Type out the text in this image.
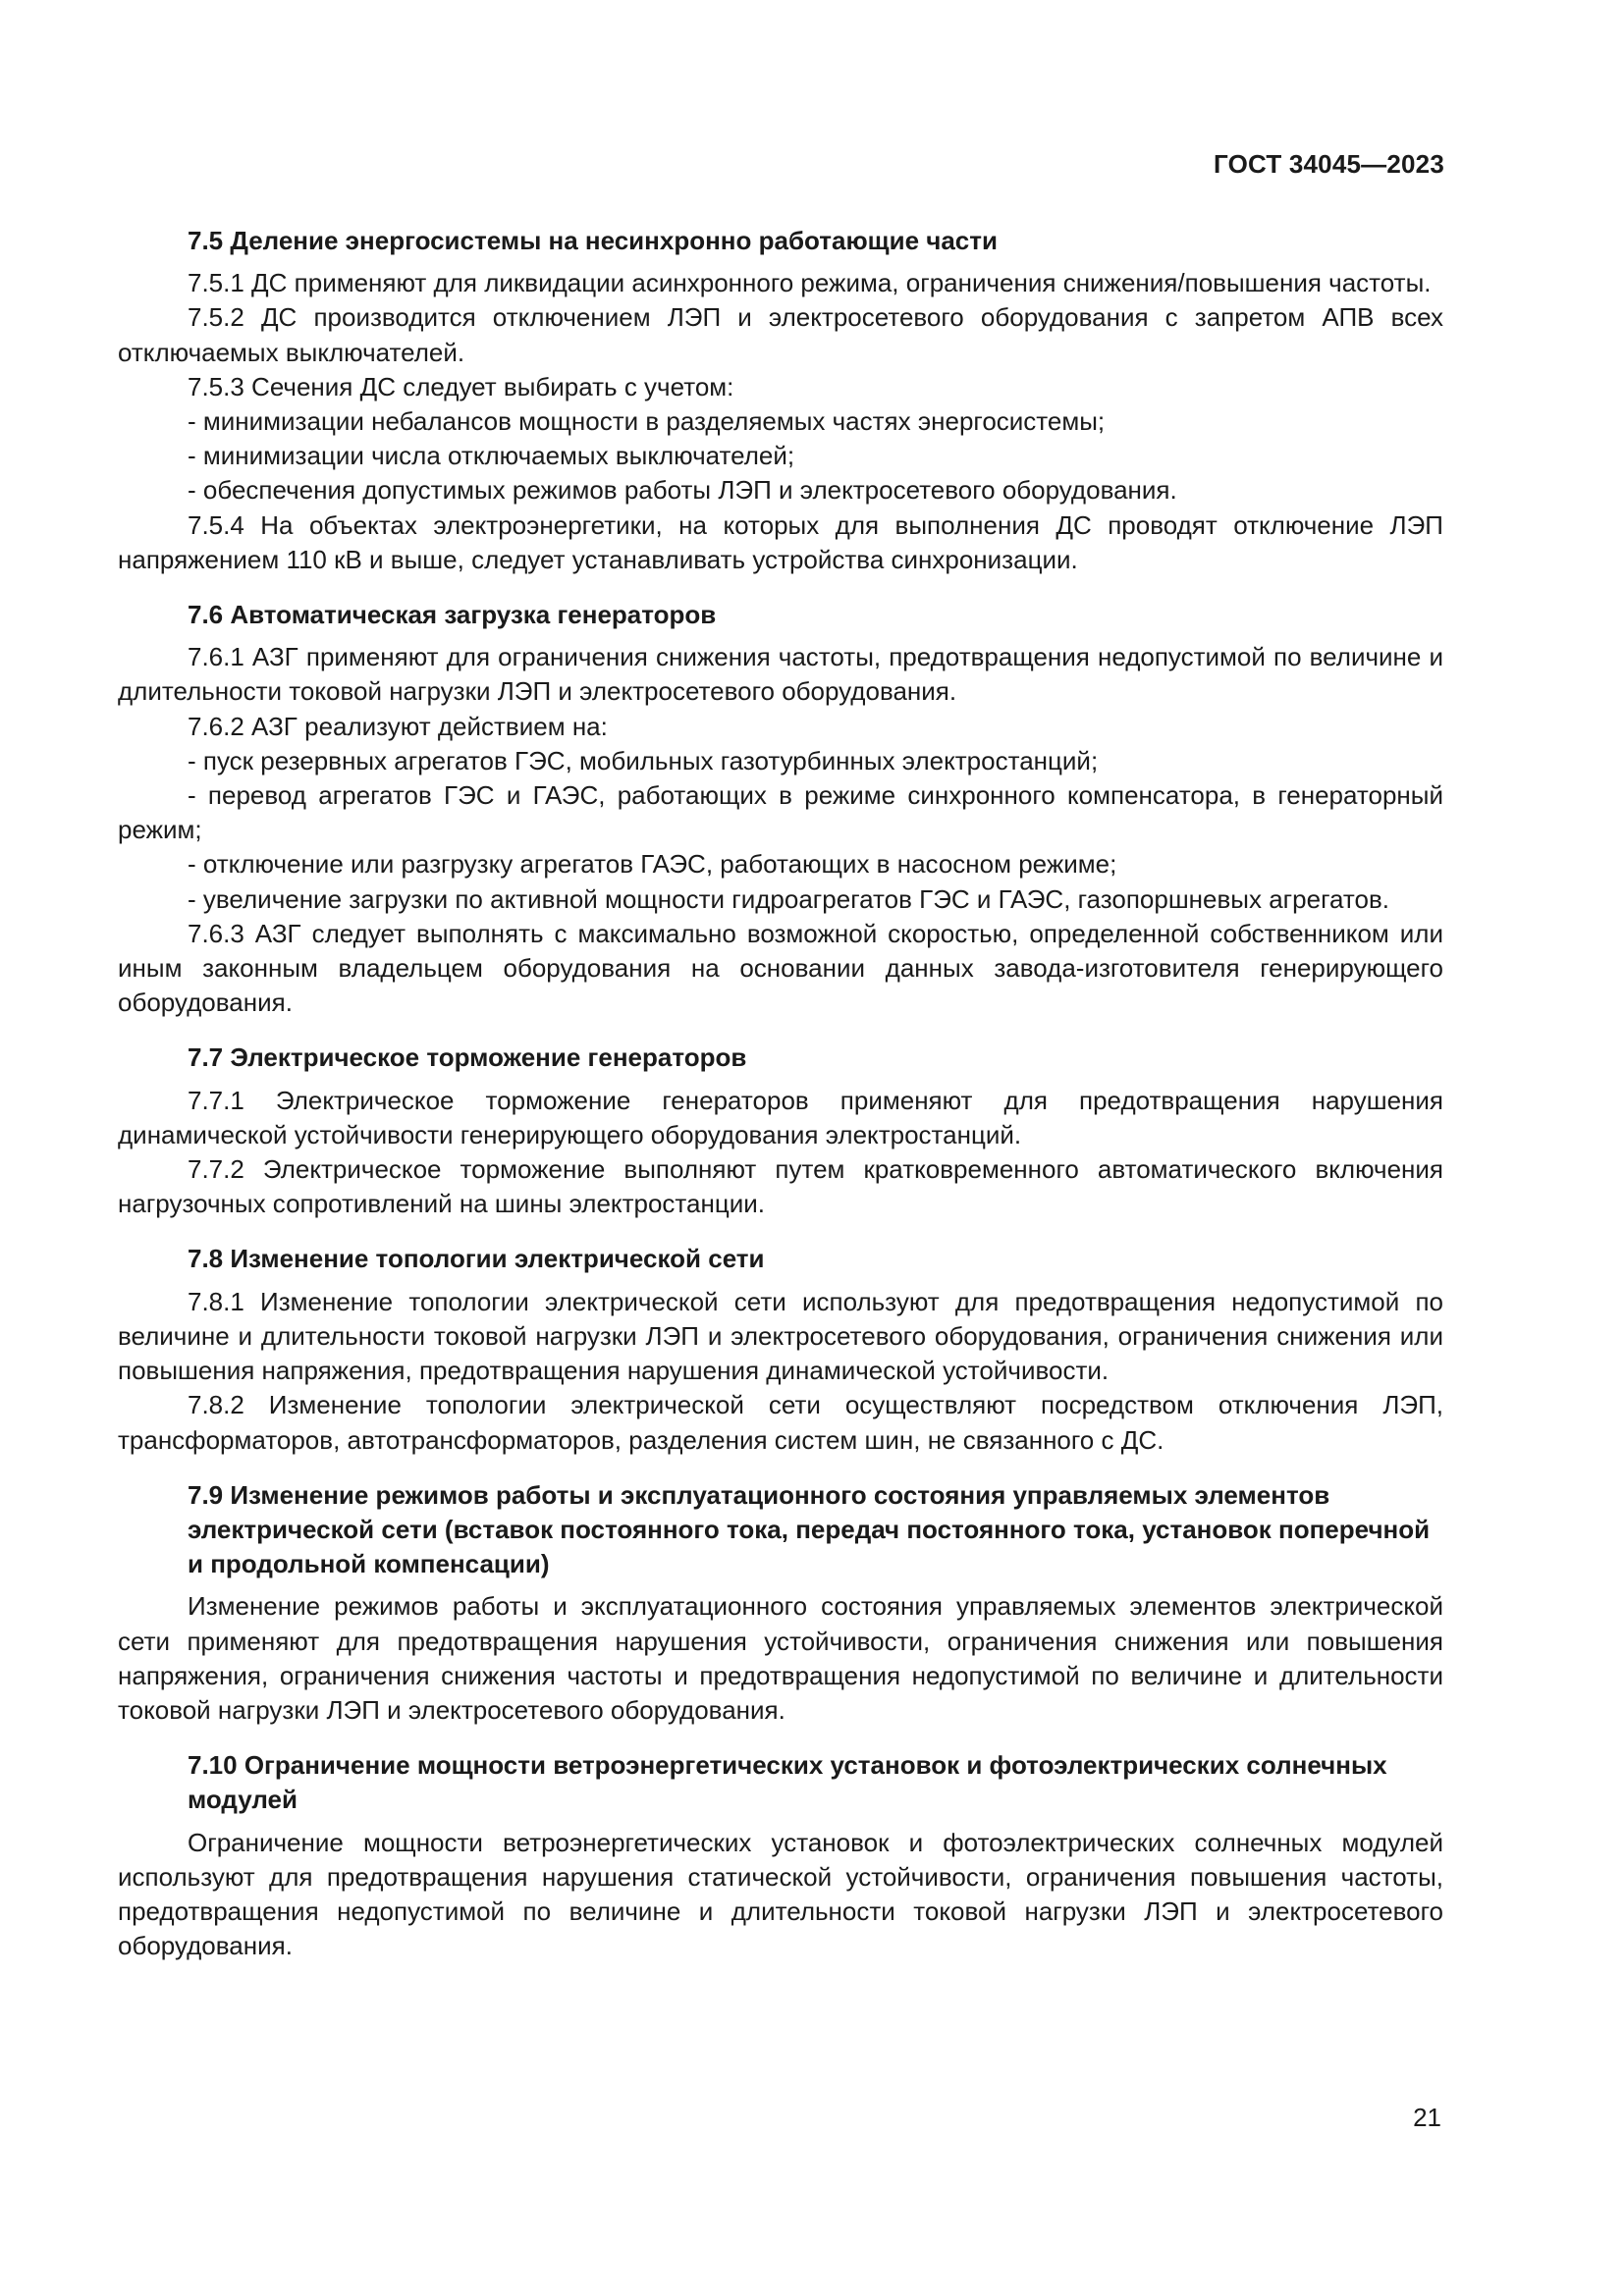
ГОСТ 34045—2023

7.5 Деление энергосистемы на несинхронно работающие части

7.5.1 ДС применяют для ликвидации асинхронного режима, ограничения снижения/повышения частоты.

7.5.2 ДС производится отключением ЛЭП и электросетевого оборудования с запретом АПВ всех отключаемых выключателей.

7.5.3 Сечения ДС следует выбирать с учетом:

- минимизации небалансов мощности в разделяемых частях энергосистемы;

- минимизации числа отключаемых выключателей;

- обеспечения допустимых режимов работы ЛЭП и электросетевого оборудования.

7.5.4 На объектах электроэнергетики, на которых для выполнения ДС проводят отключение ЛЭП напряжением 110 кВ и выше, следует устанавливать устройства синхронизации.

7.6 Автоматическая загрузка генераторов

7.6.1 АЗГ применяют для ограничения снижения частоты, предотвращения недопустимой по величине и длительности токовой нагрузки ЛЭП и электросетевого оборудования.

7.6.2 АЗГ реализуют действием на:

- пуск резервных агрегатов ГЭС, мобильных газотурбинных электростанций;

- перевод агрегатов ГЭС и ГАЭС, работающих в режиме синхронного компенсатора, в генераторный режим;

- отключение или разгрузку агрегатов ГАЭС, работающих в насосном режиме;

- увеличение загрузки по активной мощности гидроагрегатов ГЭС и ГАЭС, газопоршневых агрегатов.

7.6.3 АЗГ следует выполнять с максимально возможной скоростью, определенной собственником или иным законным владельцем оборудования на основании данных завода-изготовителя генерирующего оборудования.

7.7 Электрическое торможение генераторов

7.7.1 Электрическое торможение генераторов применяют для предотвращения нарушения динамической устойчивости генерирующего оборудования электростанций.

7.7.2 Электрическое торможение выполняют путем кратковременного автоматического включения нагрузочных сопротивлений на шины электростанции.

7.8 Изменение топологии электрической сети

7.8.1 Изменение топологии электрической сети используют для предотвращения недопустимой по величине и длительности токовой нагрузки ЛЭП и электросетевого оборудования, ограничения снижения или повышения напряжения, предотвращения нарушения динамической устойчивости.

7.8.2 Изменение топологии электрической сети осуществляют посредством отключения ЛЭП, трансформаторов, автотрансформаторов, разделения систем шин, не связанного с ДС.

7.9 Изменение режимов работы и эксплуатационного состояния управляемых элементов электрической сети (вставок постоянного тока, передач постоянного тока, установок поперечной и продольной компенсации)

Изменение режимов работы и эксплуатационного состояния управляемых элементов электрической сети применяют для предотвращения нарушения устойчивости, ограничения снижения или повышения напряжения, ограничения снижения частоты и предотвращения недопустимой по величине и длительности токовой нагрузки ЛЭП и электросетевого оборудования.

7.10 Ограничение мощности ветроэнергетических установок и фотоэлектрических солнечных модулей

Ограничение мощности ветроэнергетических установок и фотоэлектрических солнечных модулей используют для предотвращения нарушения статической устойчивости, ограничения повышения частоты, предотвращения недопустимой по величине и длительности токовой нагрузки ЛЭП и электросетевого оборудования.

21
